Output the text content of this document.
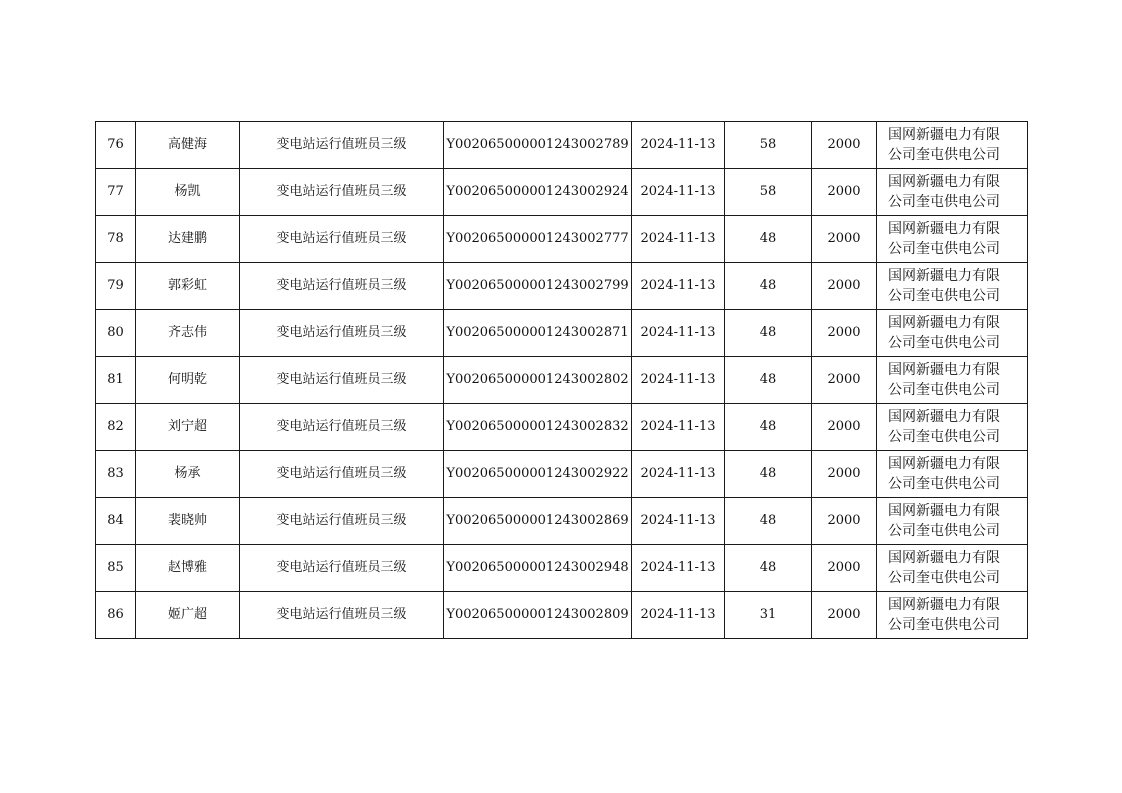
76	高健海	变电站运行值班员三级	Y002065000001243002789	2024-11-13	58	2000	国网新疆电力有限
公司奎屯供电公司

77	杨凯	变电站运行值班员三级	Y002065000001243002924	2024-11-13	58	2000	国网新疆电力有限
公司奎屯供电公司

78	达建鹏	变电站运行值班员三级	Y002065000001243002777	2024-11-13	48	2000	国网新疆电力有限
公司奎屯供电公司

79	郭彩虹	变电站运行值班员三级	Y002065000001243002799	2024-11-13	48	2000	国网新疆电力有限
公司奎屯供电公司

80	齐志伟	变电站运行值班员三级	Y002065000001243002871	2024-11-13	48	2000	国网新疆电力有限
公司奎屯供电公司

81	何明乾	变电站运行值班员三级	Y002065000001243002802	2024-11-13	48	2000	国网新疆电力有限
公司奎屯供电公司

82	刘宁超	变电站运行值班员三级	Y002065000001243002832	2024-11-13	48	2000	国网新疆电力有限
公司奎屯供电公司

83	杨承	变电站运行值班员三级	Y002065000001243002922	2024-11-13	48	2000	国网新疆电力有限
公司奎屯供电公司

84	裴晓帅	变电站运行值班员三级	Y002065000001243002869	2024-11-13	48	2000	国网新疆电力有限
公司奎屯供电公司

85	赵博雅	变电站运行值班员三级	Y002065000001243002948	2024-11-13	48	2000	国网新疆电力有限
公司奎屯供电公司

86	姬广超	变电站运行值班员三级	Y002065000001243002809	2024-11-13	31	2000	国网新疆电力有限
公司奎屯供电公司
